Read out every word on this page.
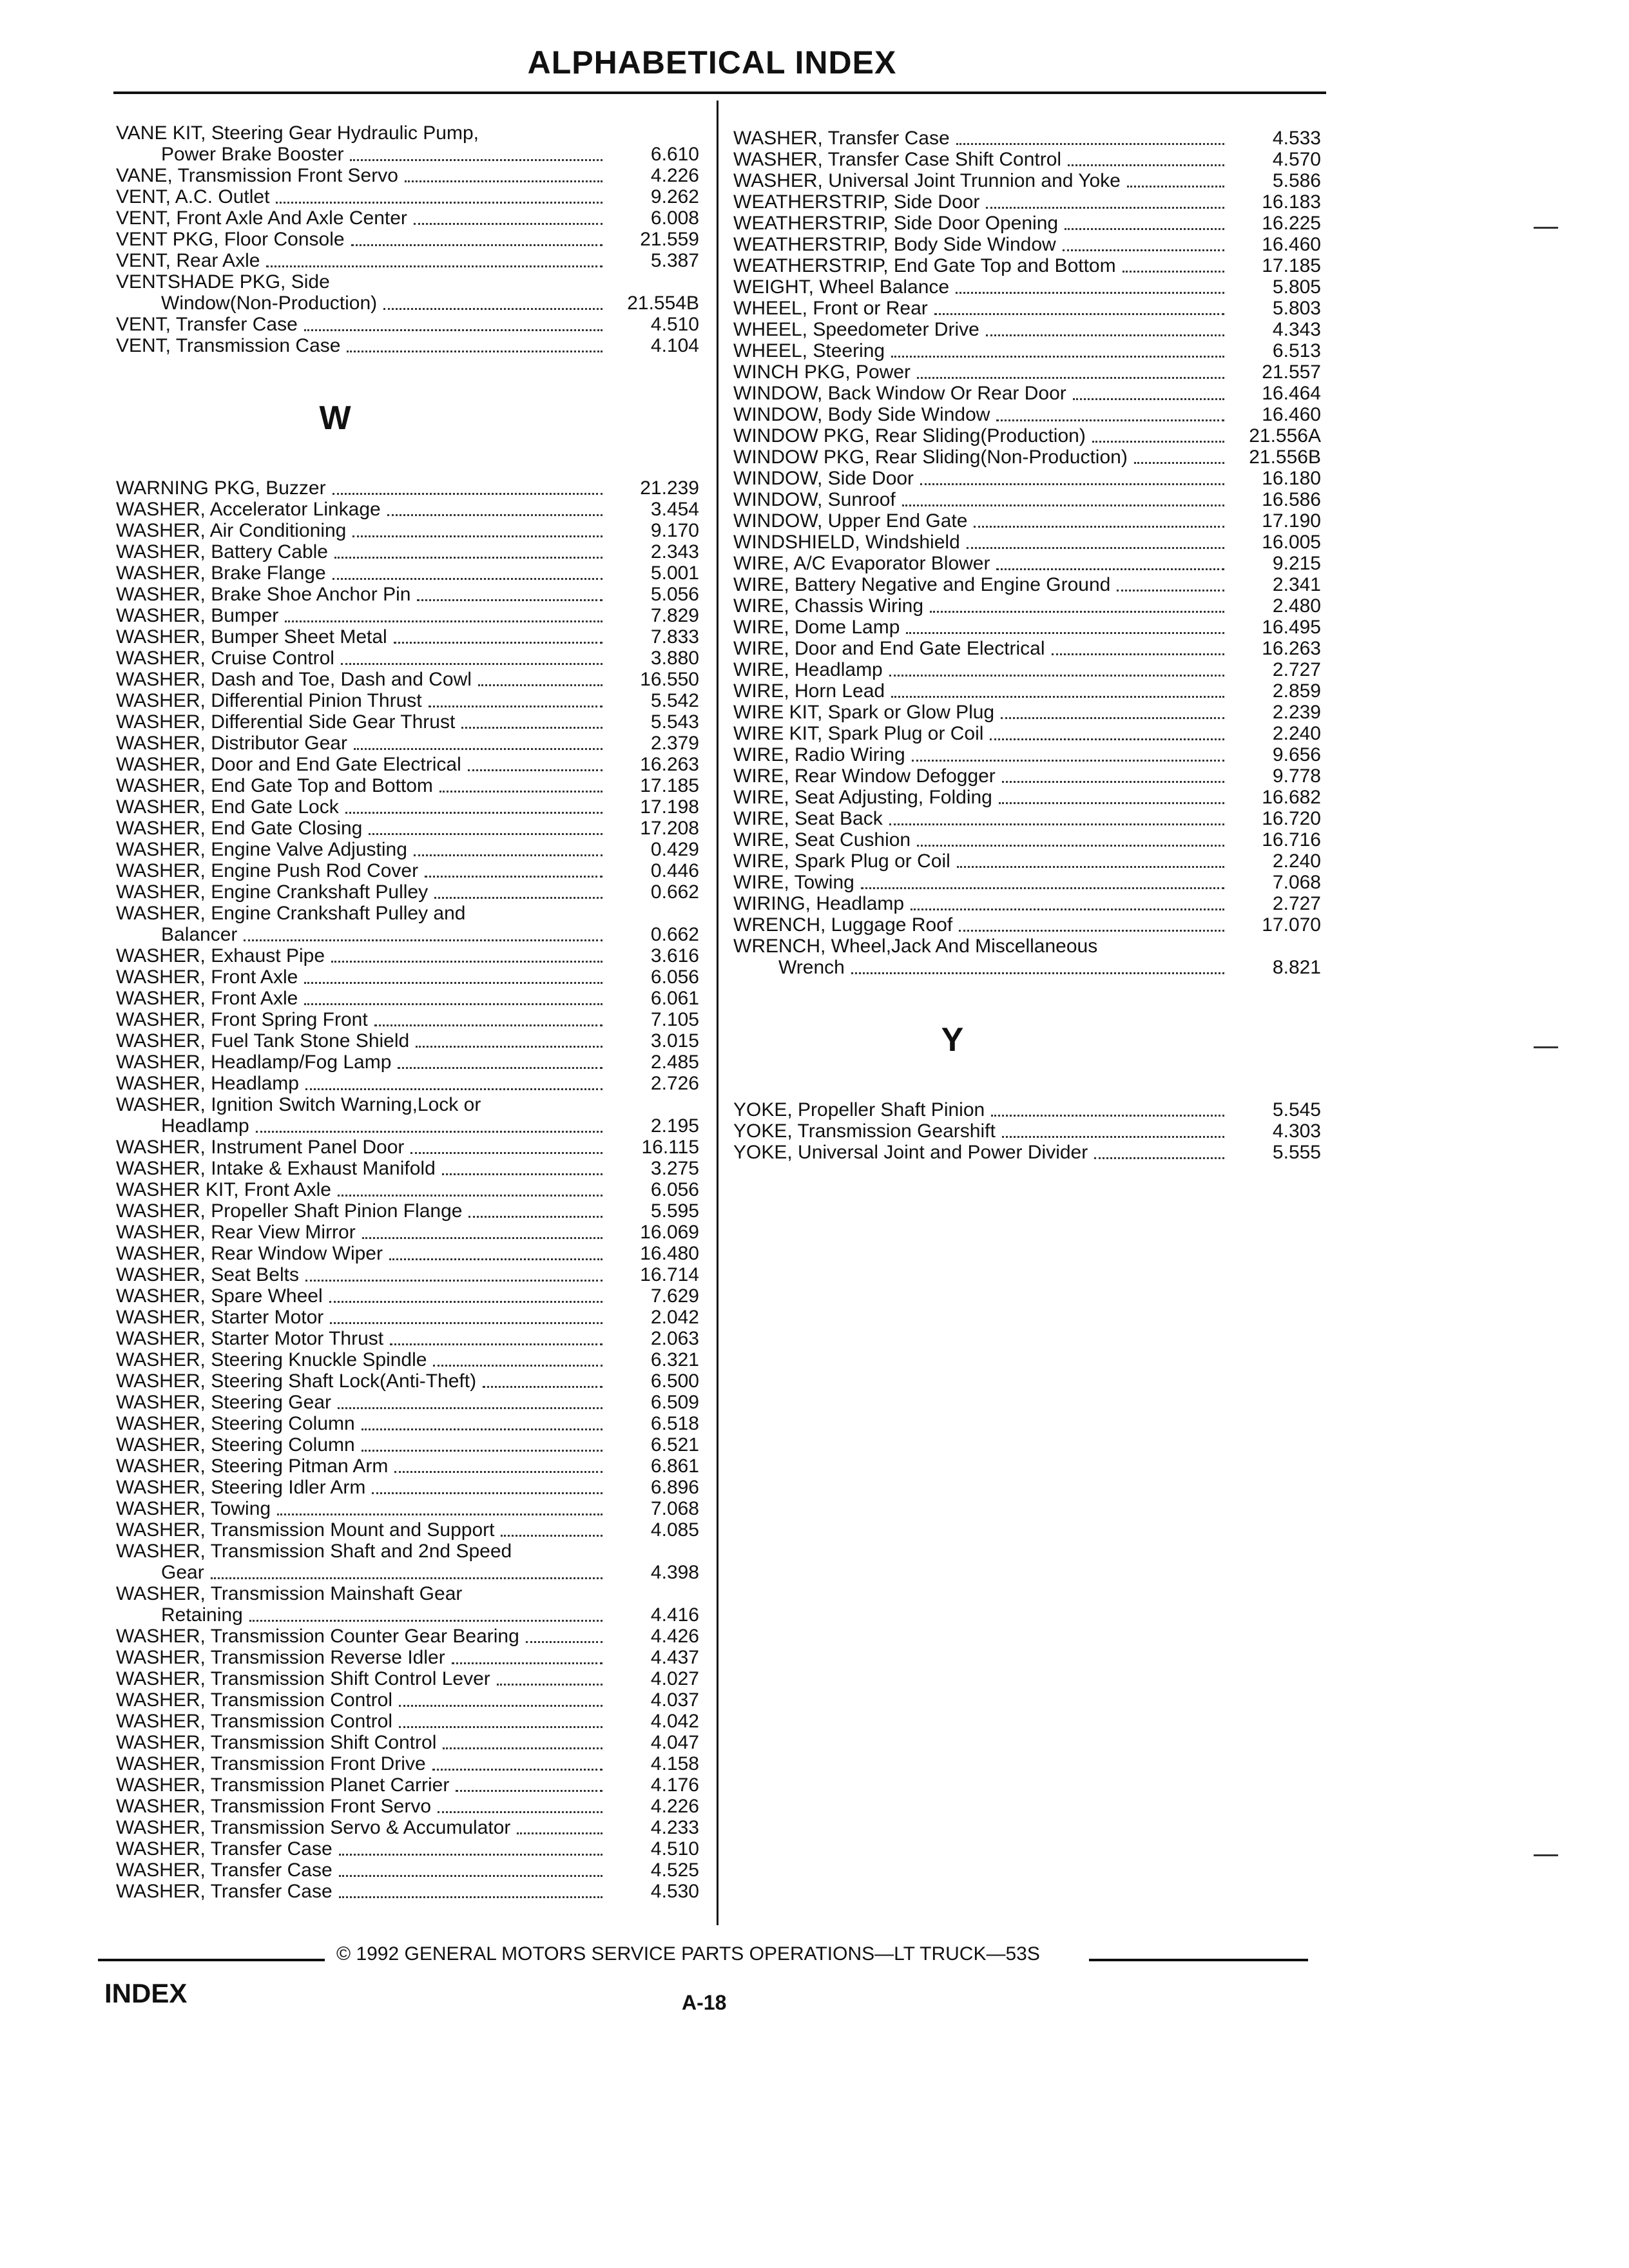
ALPHABETICAL INDEX
VANE KIT, Steering Gear Hydraulic Pump,
Power Brake Booster	6.610
VANE, Transmission Front Servo	4.226
VENT, A.C. Outlet	9.262
VENT, Front Axle And Axle Center	6.008
VENT PKG, Floor Console	21.559
VENT, Rear Axle	5.387
VENTSHADE PKG, Side
Window(Non-Production)	21.554B
VENT, Transfer Case	4.510
VENT, Transmission Case	4.104
W
WARNING PKG, Buzzer	21.239
WASHER, Accelerator Linkage	3.454
WASHER, Air Conditioning	9.170
WASHER, Battery Cable	2.343
WASHER, Brake Flange	5.001
WASHER, Brake Shoe Anchor Pin	5.056
WASHER, Bumper	7.829
WASHER, Bumper Sheet Metal	7.833
WASHER, Cruise Control	3.880
WASHER, Dash and Toe, Dash and Cowl	16.550
WASHER, Differential Pinion Thrust	5.542
WASHER, Differential Side Gear Thrust	5.543
WASHER, Distributor Gear	2.379
WASHER, Door and End Gate Electrical	16.263
WASHER, End Gate Top and Bottom	17.185
WASHER, End Gate Lock	17.198
WASHER, End Gate Closing	17.208
WASHER, Engine Valve Adjusting	0.429
WASHER, Engine Push Rod Cover	0.446
WASHER, Engine Crankshaft Pulley	0.662
WASHER, Engine Crankshaft Pulley and
Balancer	0.662
WASHER, Exhaust Pipe	3.616
WASHER, Front Axle	6.056
WASHER, Front Axle	6.061
WASHER, Front Spring Front	7.105
WASHER, Fuel Tank Stone Shield	3.015
WASHER, Headlamp/Fog Lamp	2.485
WASHER, Headlamp	2.726
WASHER, Ignition Switch Warning,Lock or
Headlamp	2.195
WASHER, Instrument Panel Door	16.115
WASHER, Intake & Exhaust Manifold	3.275
WASHER KIT, Front Axle	6.056
WASHER, Propeller Shaft Pinion Flange	5.595
WASHER, Rear View Mirror	16.069
WASHER, Rear Window Wiper	16.480
WASHER, Seat Belts	16.714
WASHER, Spare Wheel	7.629
WASHER, Starter Motor	2.042
WASHER, Starter Motor Thrust	2.063
WASHER, Steering Knuckle Spindle	6.321
WASHER, Steering Shaft Lock(Anti-Theft)	6.500
WASHER, Steering Gear	6.509
WASHER, Steering Column	6.518
WASHER, Steering Column	6.521
WASHER, Steering Pitman Arm	6.861
WASHER, Steering Idler Arm	6.896
WASHER, Towing	7.068
WASHER, Transmission Mount and Support	4.085
WASHER, Transmission Shaft and 2nd Speed
Gear	4.398
WASHER, Transmission Mainshaft Gear
Retaining	4.416
WASHER, Transmission Counter Gear Bearing	4.426
WASHER, Transmission Reverse Idler	4.437
WASHER, Transmission Shift Control Lever	4.027
WASHER, Transmission Control	4.037
WASHER, Transmission Control	4.042
WASHER, Transmission Shift Control	4.047
WASHER, Transmission Front Drive	4.158
WASHER, Transmission Planet Carrier	4.176
WASHER, Transmission Front Servo	4.226
WASHER, Transmission Servo & Accumulator	4.233
WASHER, Transfer Case	4.510
WASHER, Transfer Case	4.525
WASHER, Transfer Case	4.530
WASHER, Transfer Case	4.533
WASHER, Transfer Case Shift Control	4.570
WASHER, Universal Joint Trunnion and Yoke	5.586
WEATHERSTRIP, Side Door	16.183
WEATHERSTRIP, Side Door Opening	16.225
WEATHERSTRIP, Body Side Window	16.460
WEATHERSTRIP, End Gate Top and Bottom	17.185
WEIGHT, Wheel Balance	5.805
WHEEL, Front or Rear	5.803
WHEEL, Speedometer Drive	4.343
WHEEL, Steering	6.513
WINCH PKG, Power	21.557
WINDOW, Back Window Or Rear Door	16.464
WINDOW, Body Side Window	16.460
WINDOW PKG, Rear Sliding(Production)	21.556A
WINDOW PKG, Rear Sliding(Non-Production)	21.556B
WINDOW, Side Door	16.180
WINDOW, Sunroof	16.586
WINDOW, Upper End Gate	17.190
WINDSHIELD, Windshield	16.005
WIRE, A/C Evaporator Blower	9.215
WIRE, Battery Negative and Engine Ground	2.341
WIRE, Chassis Wiring	2.480
WIRE, Dome Lamp	16.495
WIRE, Door and End Gate Electrical	16.263
WIRE, Headlamp	2.727
WIRE, Horn Lead	2.859
WIRE KIT, Spark or Glow Plug	2.239
WIRE KIT, Spark Plug or Coil	2.240
WIRE, Radio Wiring	9.656
WIRE, Rear Window Defogger	9.778
WIRE, Seat Adjusting, Folding	16.682
WIRE, Seat Back	16.720
WIRE, Seat Cushion	16.716
WIRE, Spark Plug or Coil	2.240
WIRE, Towing	7.068
WIRING, Headlamp	2.727
WRENCH, Luggage Roof	17.070
WRENCH, Wheel,Jack And Miscellaneous
Wrench	8.821
Y
YOKE, Propeller Shaft Pinion	5.545
YOKE, Transmission Gearshift	4.303
YOKE, Universal Joint and Power Divider	5.555
© 1992 GENERAL MOTORS SERVICE PARTS OPERATIONS—LT TRUCK—53S
INDEX	A-18
